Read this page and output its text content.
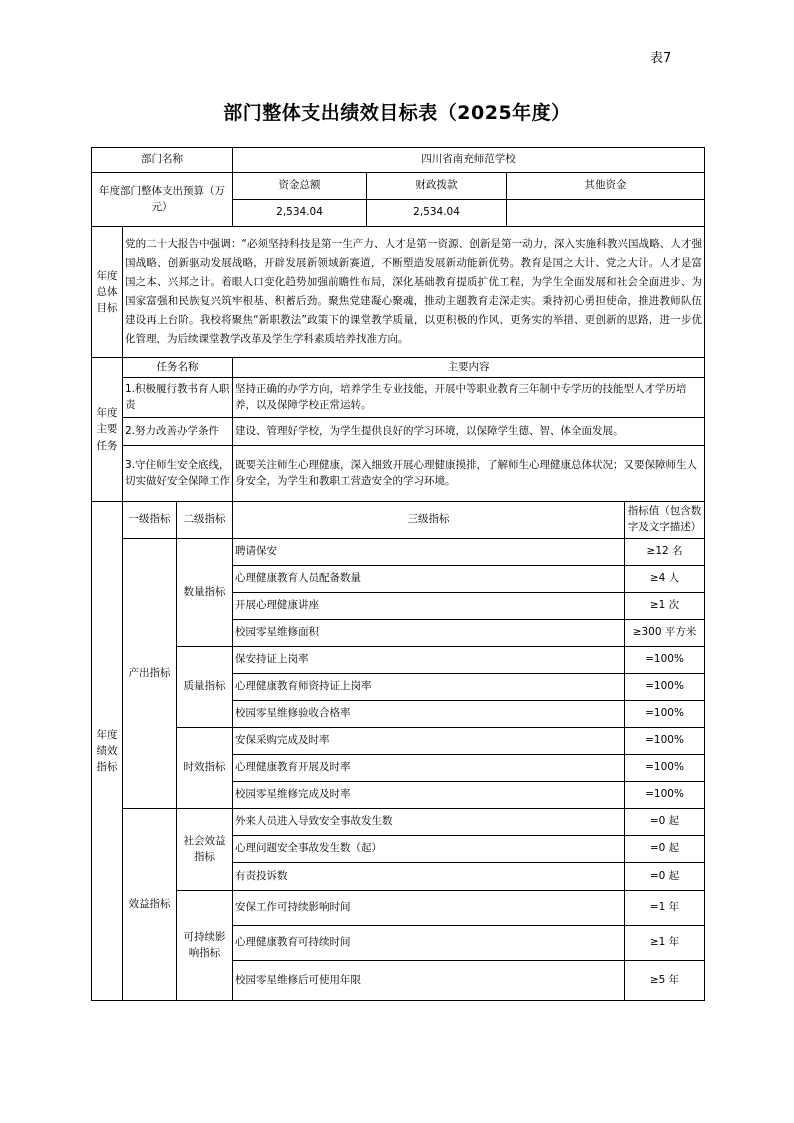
表7
部门整体支出绩效目标表（2025年度）
部门名称			四川省南充师范学校			
年度部门整体支出预算（万元）			资金总额	财政拨款	其他资金	
			2,534.04	2,534.04		
年度总体目标	党的二十大报告中强调：“必须坚持科技是第一生产力、人才是第一资源、创新是第一动力，深入实施科教兴国战略、人才强国战略、创新驱动发展战略，开辟发展新领域新赛道，不断塑造发展新动能新优势。教育是国之大计、党之大计。人才是富国之本、兴邦之计。着眼人口变化趋势加强前瞻性布局，深化基础教育提质扩优工程，为学生全面发展和社会全面进步、为国家富强和民族复兴筑牢根基、积蓄后劲。聚焦党建凝心聚魂，推动主题教育走深走实。秉持初心勇担使命，推进教师队伍建设再上台阶。我校将聚焦“新职教法”政策下的课堂教学质量，以更积极的作风、更务实的举措、更创新的思路，进一步优化管理，为后续课堂教学改革及学生学科素质培养找准方向。					
年度主要任务	任务名称		主要内容			
	1.积极履行教书育人职责		坚持正确的办学方向，培养学生专业技能，开展中等职业教育三年制中专学历的技能型人才学历培养，以及保障学校正常运转。			
	2.努力改善办学条件		建设、管理好学校，为学生提供良好的学习环境，以保障学生德、智、体全面发展。			
	3.守住师生安全底线，切实做好安全保障工作		既要关注师生心理健康，深入细致开展心理健康摸排，了解师生心理健康总体状况；又要保障师生人身安全，为学生和教职工营造安全的学习环境。			
年度绩效指标	一级指标	二级指标	三级指标			指标值（包含数字及文字描述）
	产出指标	数量指标	聘请保安			≥12 名
			心理健康教育人员配备数量			≥4 人
			开展心理健康讲座			≥1 次
			校园零星维修面积			≥300 平方米
		质量指标	保安持证上岗率			=100%
			心理健康教育师资持证上岗率			=100%
			校园零星维修验收合格率			=100%
		时效指标	安保采购完成及时率			=100%
			心理健康教育开展及时率			=100%
			校园零星维修完成及时率			=100%
	效益指标	社会效益指标	外来人员进入导致安全事故发生数			=0 起
			心理问题安全事故发生数（起）			=0 起
			有责投诉数			=0 起
		可持续影响指标	安保工作可持续影响时间			=1 年
			心理健康教育可持续时间			≥1 年
			校园零星维修后可使用年限			≥5 年
